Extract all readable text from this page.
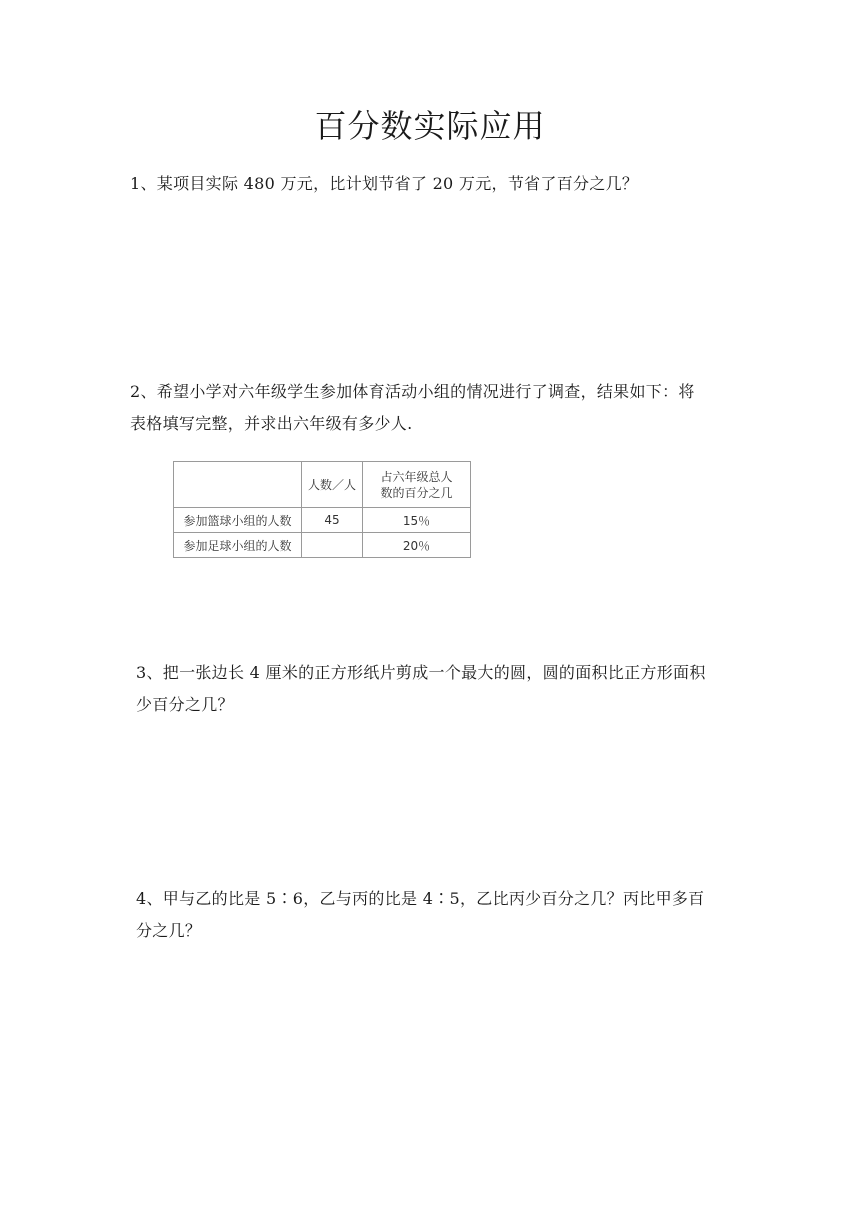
百分数实际应用

1、某项目实际 480 万元，比计划节省了 20 万元，节省了百分之几？

2、希望小学对六年级学生参加体育活动小组的情况进行了调查，结果如下：将

表格填写完整，并求出六年级有多少人.

	人数／人	占六年级总人
数的百分之几

参加篮球小组的人数	45	15％
参加足球小组的人数		20％

3、把一张边长 4 厘米的正方形纸片剪成一个最大的圆，圆的面积比正方形面积

少百分之几？

4、甲与乙的比是 5∶6，乙与丙的比是 4∶5，乙比丙少百分之几？丙比甲多百

分之几？
